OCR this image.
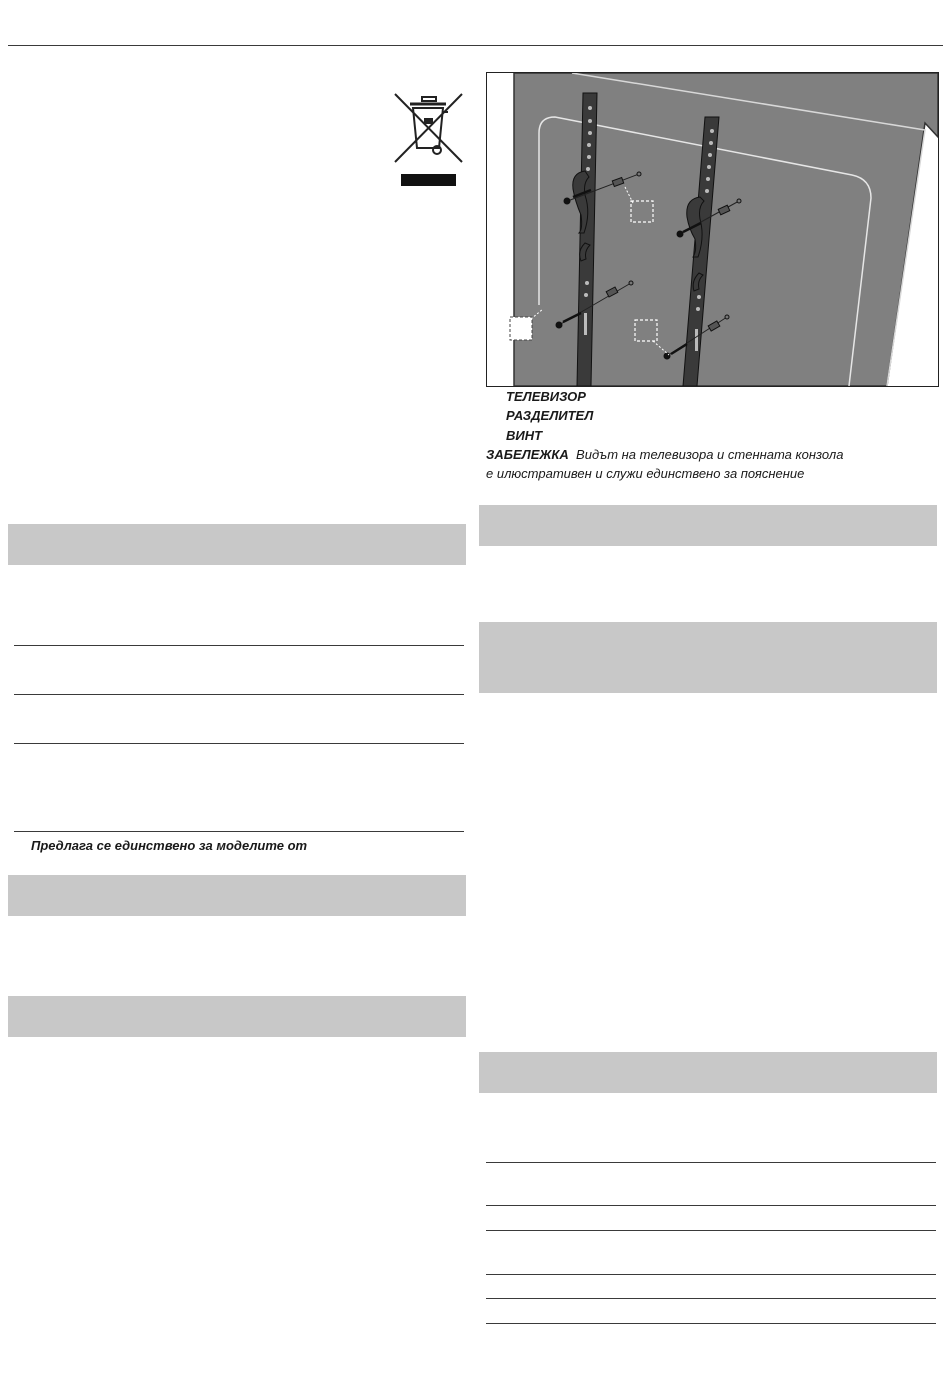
Предлага се единствено за моделите от
ТЕЛЕВИЗОР
РАЗДЕЛИТЕЛ
ВИНТ
ЗАБЕЛЕЖКА Видът на телевизора и стенната конзола
е илюстративен и служи единствено за пояснение
